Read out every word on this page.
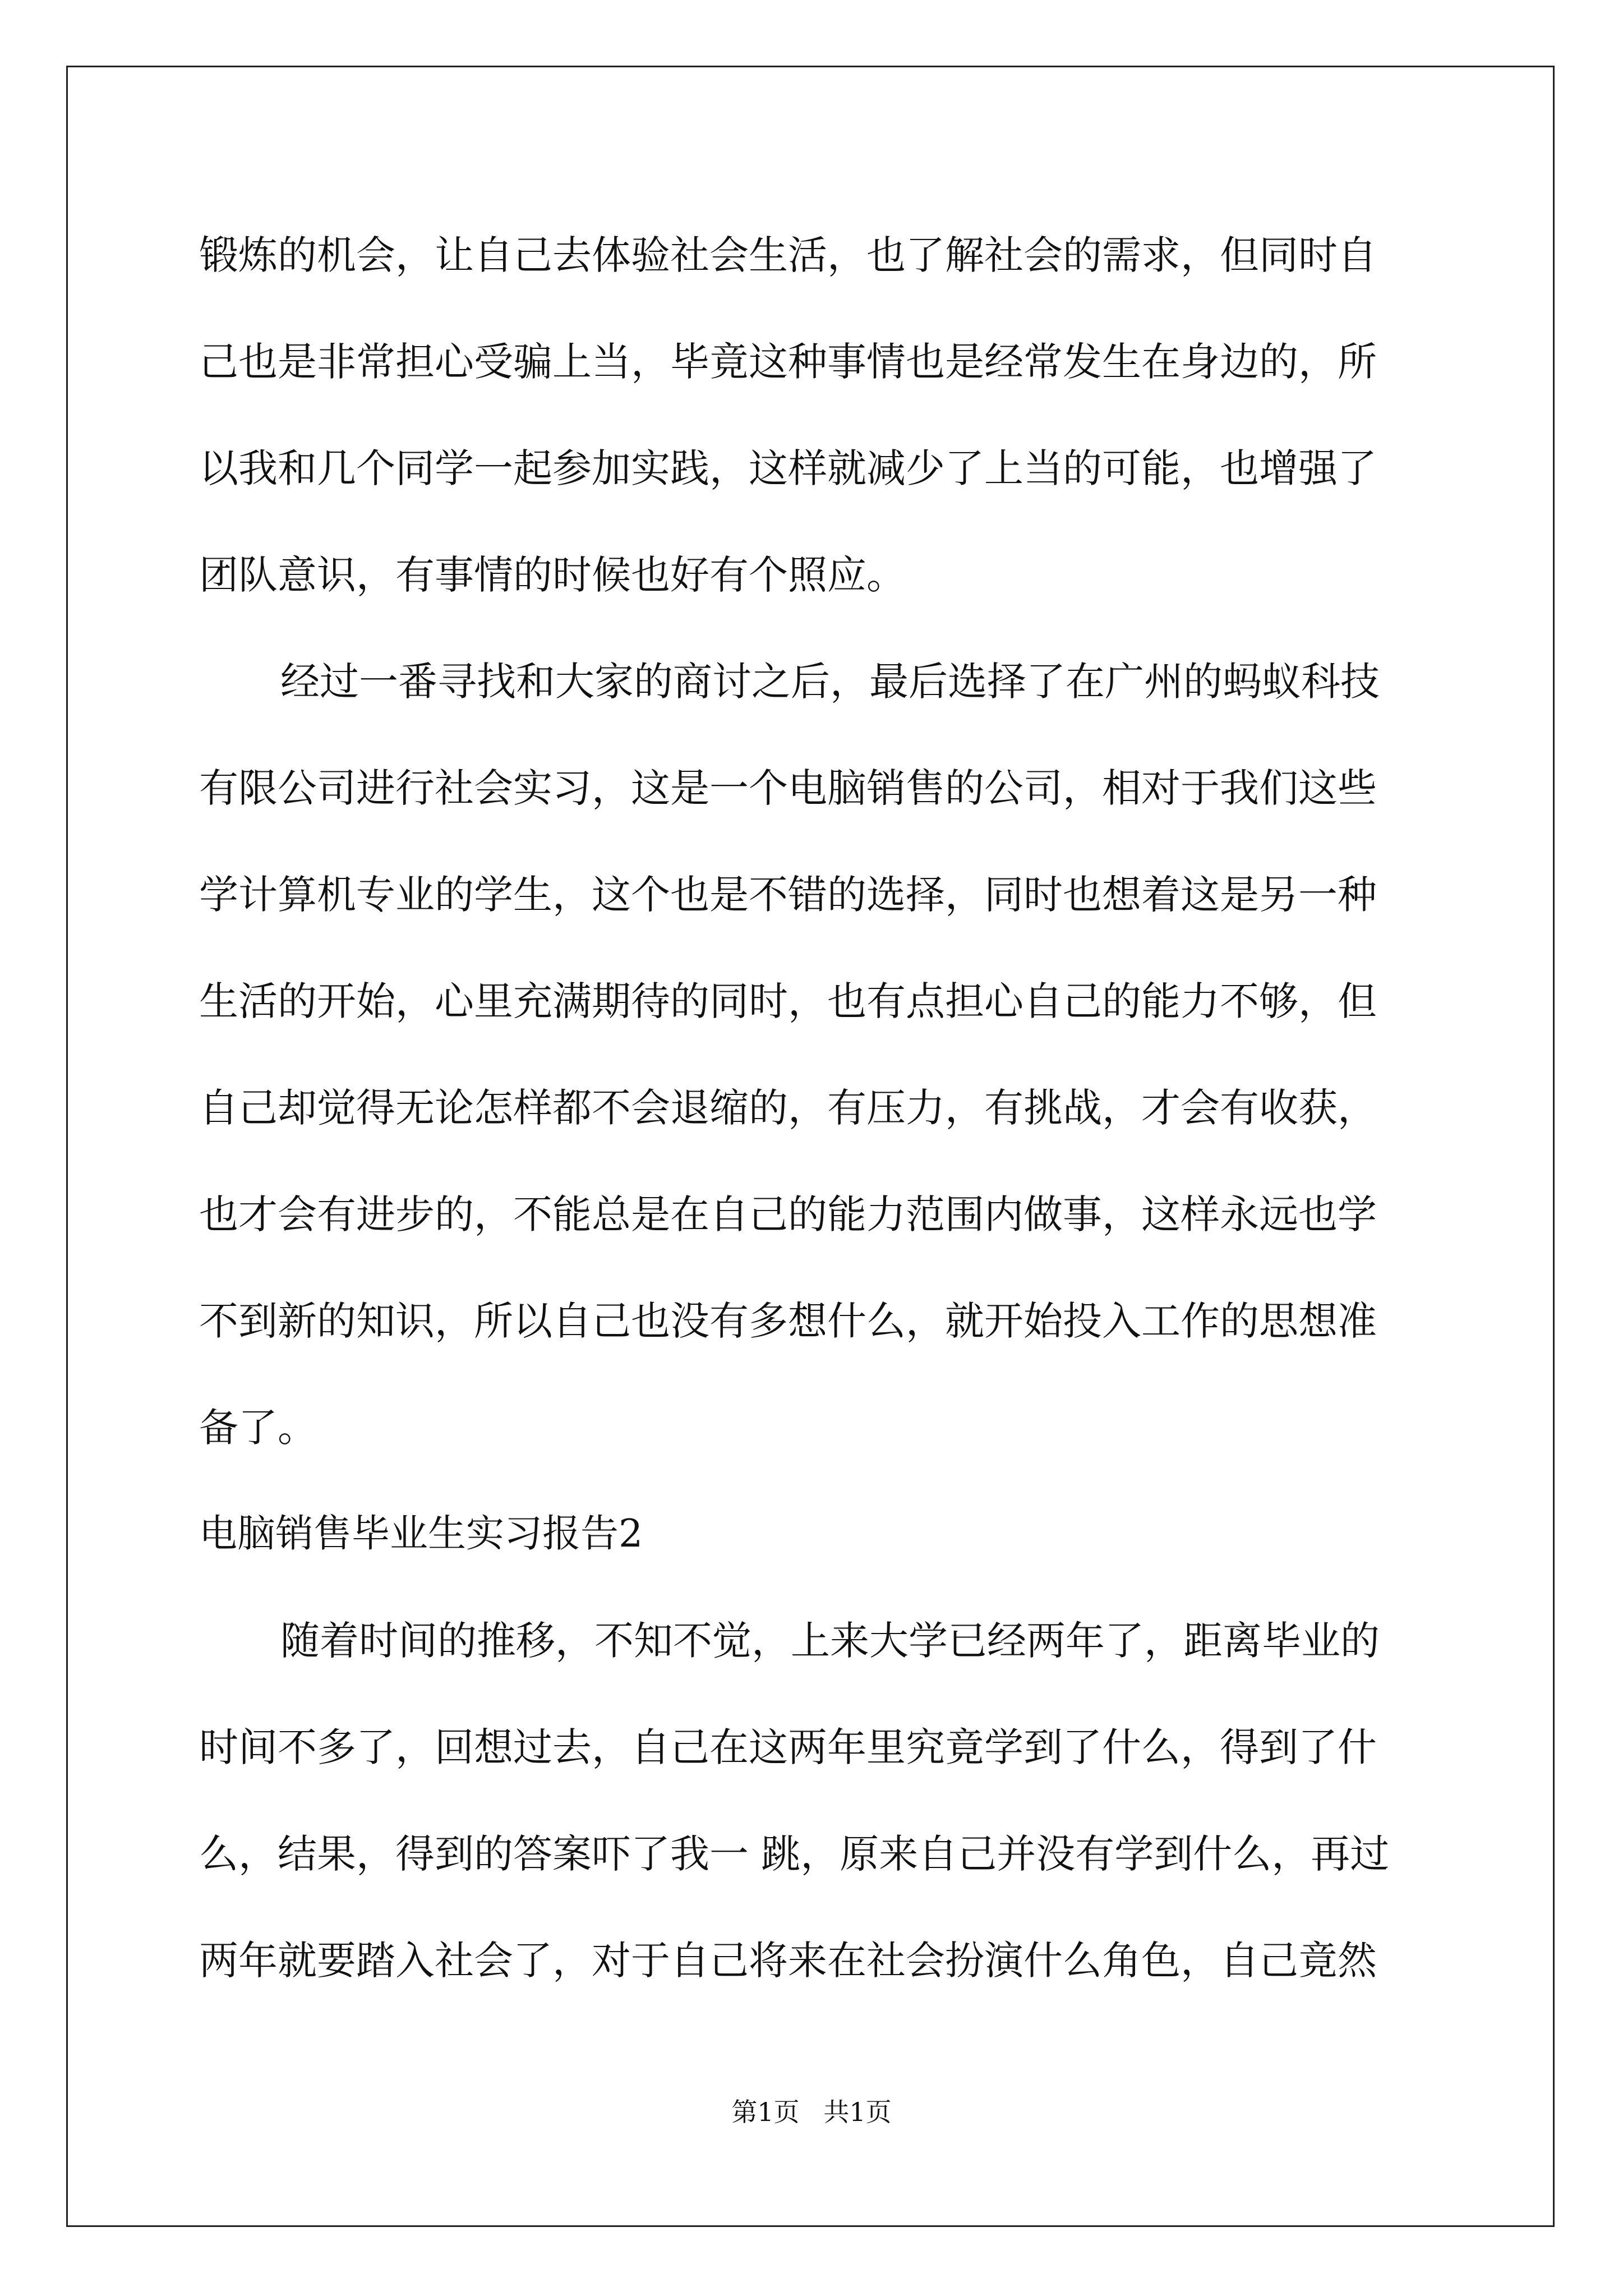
锻炼的机会，让自己去体验社会生活，也了解社会的需求，但同时自
己也是非常担心受骗上当，毕竟这种事情也是经常发生在身边的，所
以我和几个同学一起参加实践，这样就减少了上当的可能，也增强了
团队意识，有事情的时候也好有个照应。
经过一番寻找和大家的商讨之后，最后选择了在广州的蚂蚁科技
有限公司进行社会实习，这是一个电脑销售的公司，相对于我们这些
学计算机专业的学生，这个也是不错的选择，同时也想着这是另一种
生活的开始，心里充满期待的同时，也有点担心自己的能力不够，但
自己却觉得无论怎样都不会退缩的，有压力，有挑战，才会有收获，
也才会有进步的，不能总是在自己的能力范围内做事，这样永远也学
不到新的知识，所以自己也没有多想什么，就开始投入工作的思想准
备了。
电脑销售毕业生实习报告2
随着时间的推移，不知不觉，上来大学已经两年了，距离毕业的
时间不多了，回想过去，自己在这两年里究竟学到了什么，得到了什
么，结果，得到的答案吓了我一 跳，原来自己并没有学到什么，再过
两年就要踏入社会了，对于自己将来在社会扮演什么角色，自己竟然
第1页 共1页
